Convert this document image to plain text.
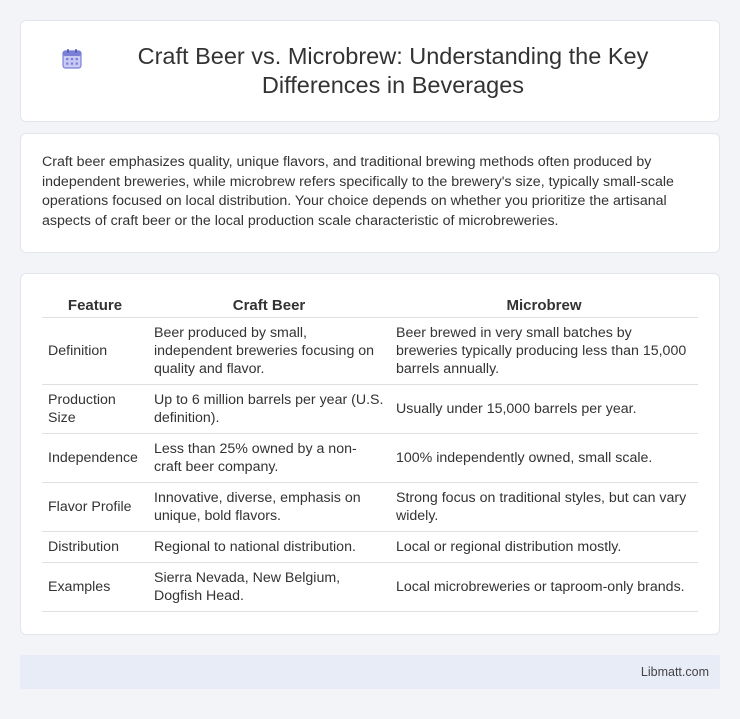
Craft Beer vs. Microbrew: Understanding the Key Differences in Beverages

Craft beer emphasizes quality, unique flavors, and traditional brewing methods often produced by independent breweries, while microbrew refers specifically to the brewery's size, typically small-scale operations focused on local distribution. Your choice depends on whether you prioritize the artisanal aspects of craft beer or the local production scale characteristic of microbreweries.

Feature	Craft Beer	Microbrew
Definition	Beer produced by small, independent breweries focusing on quality and flavor.	Beer brewed in very small batches by breweries typically producing less than 15,000 barrels annually.
Production Size	Up to 6 million barrels per year (U.S. definition).	Usually under 15,000 barrels per year.
Independence	Less than 25% owned by a non-craft beer company.	100% independently owned, small scale.
Flavor Profile	Innovative, diverse, emphasis on unique, bold flavors.	Strong focus on traditional styles, but can vary widely.
Distribution	Regional to national distribution.	Local or regional distribution mostly.
Examples	Sierra Nevada, New Belgium, Dogfish Head.	Local microbreweries or taproom-only brands.
Libmatt.com
